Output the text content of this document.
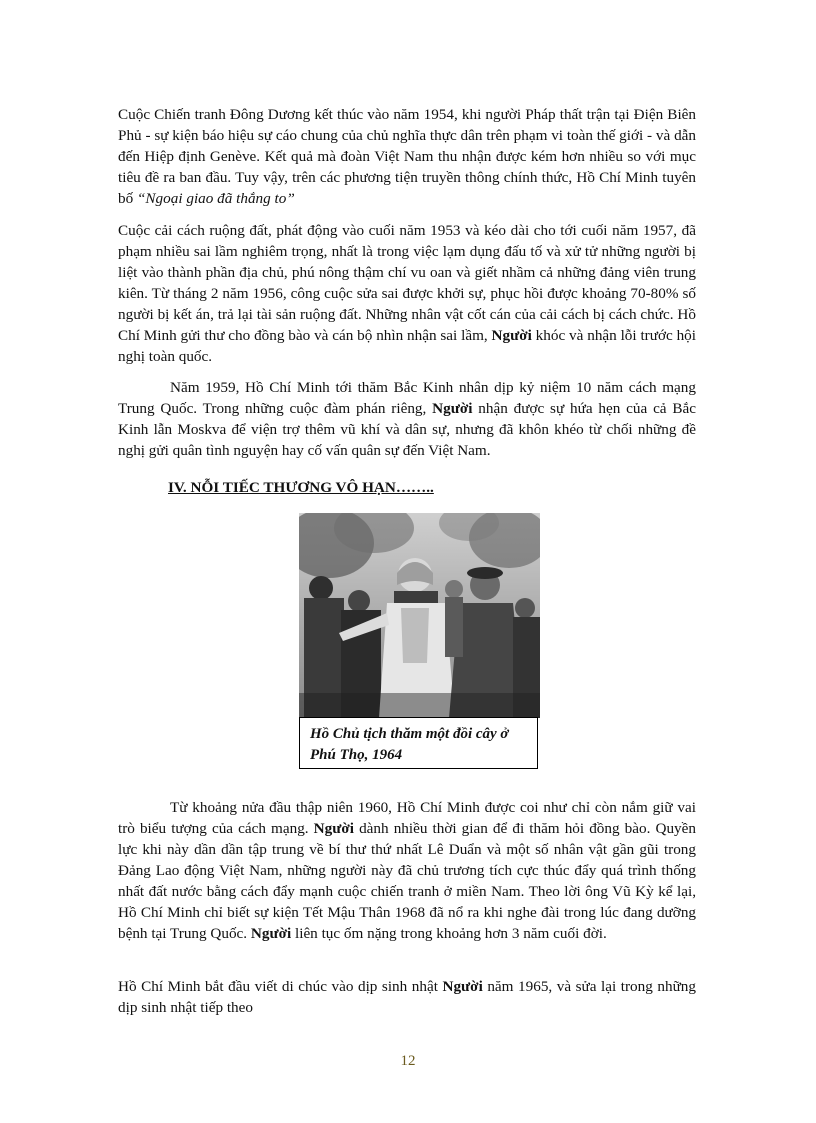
Cuộc Chiến tranh Đông Dương kết thúc vào năm 1954, khi người Pháp thất trận tại Điện Biên Phủ - sự kiện báo hiệu sự cáo chung của chủ nghĩa thực dân trên phạm vi toàn thế giới - và dẫn đến Hiệp định Genève. Kết quả mà đoàn Việt Nam thu nhận được kém hơn nhiều so với mục tiêu đề ra ban đầu. Tuy vậy, trên các phương tiện truyền thông chính thức, Hồ Chí Minh tuyên bố “Ngoại giao đã thắng to”

Cuộc cải cách ruộng đất, phát động vào cuối năm 1953 và kéo dài cho tới cuối năm 1957, đã phạm nhiều sai lầm nghiêm trọng, nhất là trong việc lạm dụng đấu tố và xử tử những người bị liệt vào thành phần địa chủ, phú nông thậm chí vu oan và giết nhầm cả những đảng viên trung kiên. Từ tháng 2 năm 1956, công cuộc sửa sai được khởi sự, phục hồi được khoảng 70-80% số người bị kết án, trả lại tài sản ruộng đất. Những nhân vật cốt cán của cải cách bị cách chức. Hồ Chí Minh gửi thư cho đồng bào và cán bộ nhìn nhận sai lầm, Người khóc và nhận lỗi trước hội nghị toàn quốc.

Năm 1959, Hồ Chí Minh tới thăm Bắc Kinh nhân dịp kỷ niệm 10 năm cách mạng Trung Quốc. Trong những cuộc đàm phán riêng, Người nhận được sự hứa hẹn của cả Bắc Kinh lẫn Moskva để viện trợ thêm vũ khí và dân sự, nhưng đã khôn khéo từ chối những đề nghị gửi quân tình nguyện hay cố vấn quân sự đến Việt Nam.

IV. NỖI TIẾC THƯƠNG VÔ HẠN……..
Hồ Chủ tịch thăm một đồi cây ở Phú Thọ, 1964

Từ khoảng nửa đầu thập niên 1960, Hồ Chí Minh được coi như chỉ còn nắm giữ vai trò biểu tượng của cách mạng. Người dành nhiều thời gian để đi thăm hỏi đồng bào. Quyền lực khi này dần dần tập trung về bí thư thứ nhất Lê Duẩn và một số nhân vật gần gũi trong Đảng Lao động Việt Nam, những người này đã chủ trương tích cực thúc đẩy quá trình thống nhất đất nước bằng cách đẩy mạnh cuộc chiến tranh ở miền Nam. Theo lời ông Vũ Kỳ kể lại, Hồ Chí Minh chỉ biết sự kiện Tết Mậu Thân 1968 đã nổ ra khi nghe đài trong lúc đang dưỡng bệnh tại Trung Quốc. Người liên tục ốm nặng trong khoảng hơn 3 năm cuối đời.

Hồ Chí Minh bắt đầu viết di chúc vào dịp sinh nhật Người năm 1965, và sửa lại trong những dịp sinh nhật tiếp theo

12
